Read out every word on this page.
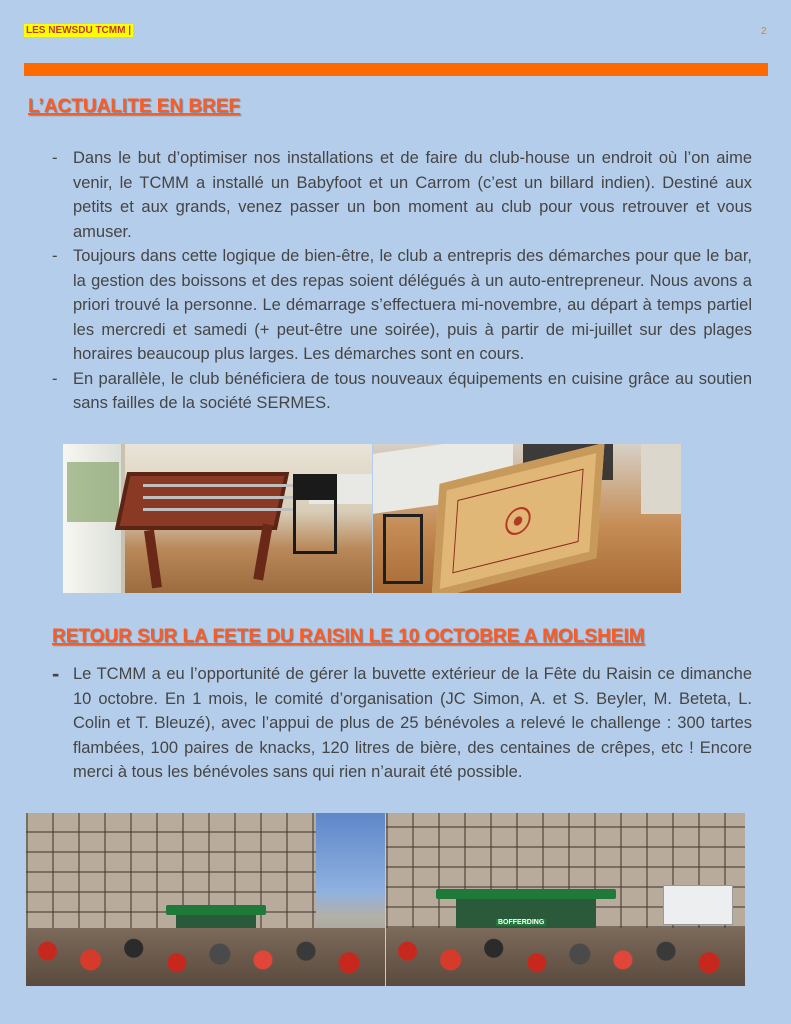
LES NEWSDU TCMM |	2
L’ACTUALITE EN BREF
- Dans le but d’optimiser nos installations et de faire du club-house un endroit où l’on aime venir, le TCMM a installé un Babyfoot et un Carrom (c’est un billard indien). Destiné aux petits et aux grands, venez passer un bon moment au club pour vous retrouver et vous amuser.
- Toujours dans cette logique de bien-être, le club a entrepris des démarches pour que le bar, la gestion des boissons et des repas soient délégués à un auto-entrepreneur. Nous avons a priori trouvé la personne. Le démarrage s’effectuera mi-novembre, au départ à temps partiel les mercredi et samedi (+ peut-être une soirée), puis à partir de mi-juillet sur des plages horaires beaucoup plus larges. Les démarches sont en cours.
- En parallèle, le club bénéficiera de tous nouveaux équipements en cuisine grâce au soutien sans failles de la société SERMES.
RETOUR SUR LA FETE DU RAISIN LE 10 OCTOBRE A MOLSHEIM
- Le TCMM a eu l’opportunité de gérer la buvette extérieur de la Fête du Raisin ce dimanche 10 octobre. En 1 mois, le comité d’organisation (JC Simon, A. et S. Beyler, M. Beteta, L. Colin et T. Bleuzé), avec l’appui de plus de 25 bénévoles a relevé le challenge : 300 tartes flambées, 100 paires de knacks, 120 litres de bière, des centaines de crêpes, etc ! Encore merci à tous les bénévoles sans qui rien n’aurait été possible.
BOFFERDING
